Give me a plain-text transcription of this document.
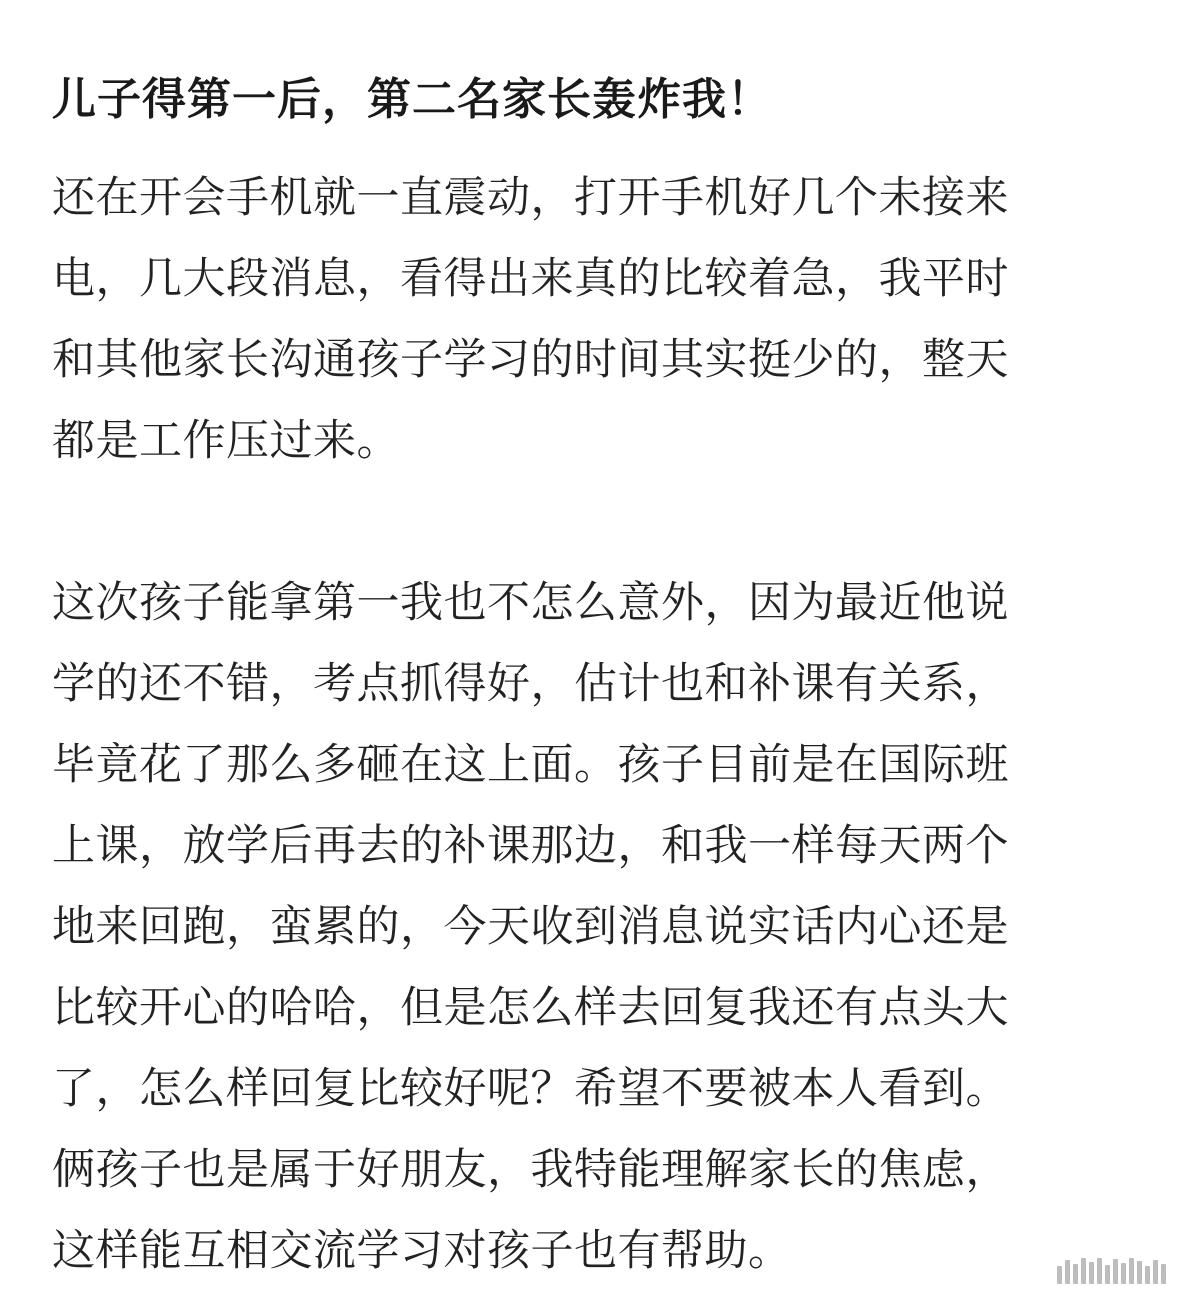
儿子得第一后，第二名家长轰炸我！
还在开会手机就一直震动，打开手机好几个未接来
电，几大段消息，看得出来真的比较着急，我平时
和其他家长沟通孩子学习的时间其实挺少的，整天
都是工作压过来。
这次孩子能拿第一我也不怎么意外，因为最近他说
学的还不错，考点抓得好，估计也和补课有关系，
毕竟花了那么多砸在这上面。孩子目前是在国际班
上课，放学后再去的补课那边，和我一样每天两个
地来回跑，蛮累的，今天收到消息说实话内心还是
比较开心的哈哈，但是怎么样去回复我还有点头大
了，怎么样回复比较好呢？希望不要被本人看到。
俩孩子也是属于好朋友，我特能理解家长的焦虑，
这样能互相交流学习对孩子也有帮助。
